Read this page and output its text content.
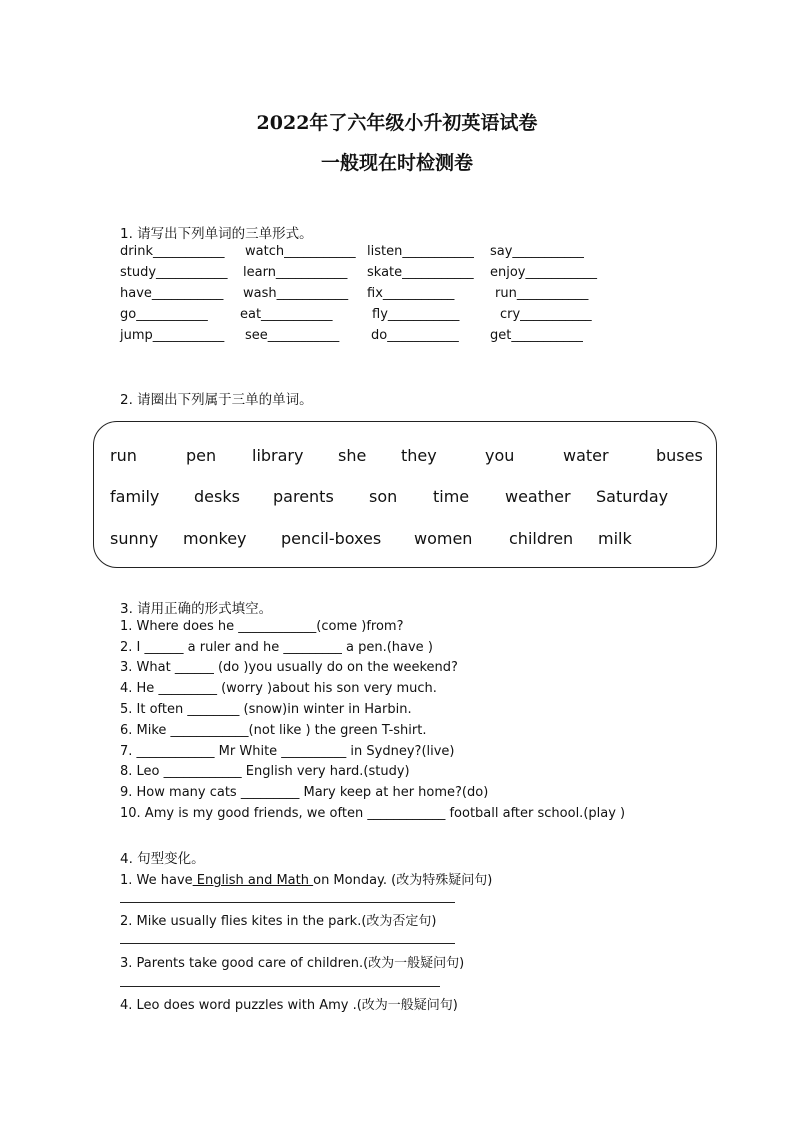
2022年了六年级小升初英语试卷
一般现在时检测卷
1. 请写出下列单词的三单形式。
drink___________ watch___________ listen___________ say___________
study___________ learn___________ skate___________ enjoy___________
have___________ wash___________ fix___________	run___________
go___________ eat___________	fly___________	cry___________
jump___________ see___________ do___________ get___________
2. 请圈出下列属于三单的单词。
run	pen library she they	you	water	buses
family desks parents son time weather Saturday
sunny monkey pencil-boxes women children milk
3. 请用正确的形式填空。
1. Where does he ____________(come )from?
2. I ______ a ruler and he _________ a pen.(have )
3. What ______ (do )you usually do on the weekend?
4. He _________ (worry )about his son very much.
5. It often ________ (snow)in winter in Harbin.
6. Mike ____________(not like ) the green T-shirt.
7. ____________ Mr White __________ in Sydney?(live)
8. Leo ____________ English very hard.(study)
9. How many cats _________ Mary keep at her home?(do)
10. Amy is my good friends, we often ____________ football after school.(play )
4. 句型变化。
1. We have English and Math on Monday. (改为特殊疑问句)
2. Mike usually flies kites in the park.(改为否定句)
3. Parents take good care of children.(改为一般疑问句)
4. Leo does word puzzles with Amy .(改为一般疑问句)
